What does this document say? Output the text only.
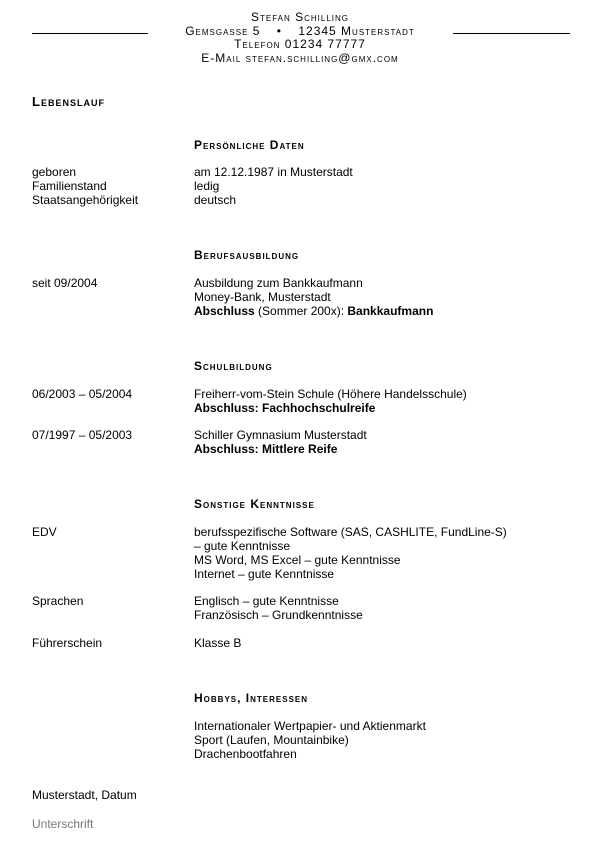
Stefan Schilling
Gemsgasse 5 • 12345 Musterstadt
Telefon 01234 77777
E-Mail stefan.schilling@gmx.com
Lebenslauf
Persönliche Daten
geboren	am 12.12.1987 in Musterstadt
Familienstand	ledig
Staatsangehörigkeit	deutsch
Berufsausbildung
seit 09/2004	Ausbildung zum Bankkaufmann
Money-Bank, Musterstadt
Abschluss (Sommer 200x): Bankkaufmann
Schulbildung
06/2003 – 05/2004	Freiherr-vom-Stein Schule (Höhere Handelsschule)
Abschluss: Fachhochschulreife
07/1997 – 05/2003	Schiller Gymnasium Musterstadt
Abschluss: Mittlere Reife
Sonstige Kenntnisse
EDV	berufsspezifische Software (SAS, CASHLITE, FundLine-S)
– gute Kenntnisse
MS Word, MS Excel – gute Kenntnisse
Internet – gute Kenntnisse
Sprachen	Englisch – gute Kenntnisse
Französisch – Grundkenntnisse
Führerschein	Klasse B
Hobbys, Interessen
Internationaler Wertpapier- und Aktienmarkt
Sport (Laufen, Mountainbike)
Drachenbootfahren
Musterstadt, Datum
Unterschrift
